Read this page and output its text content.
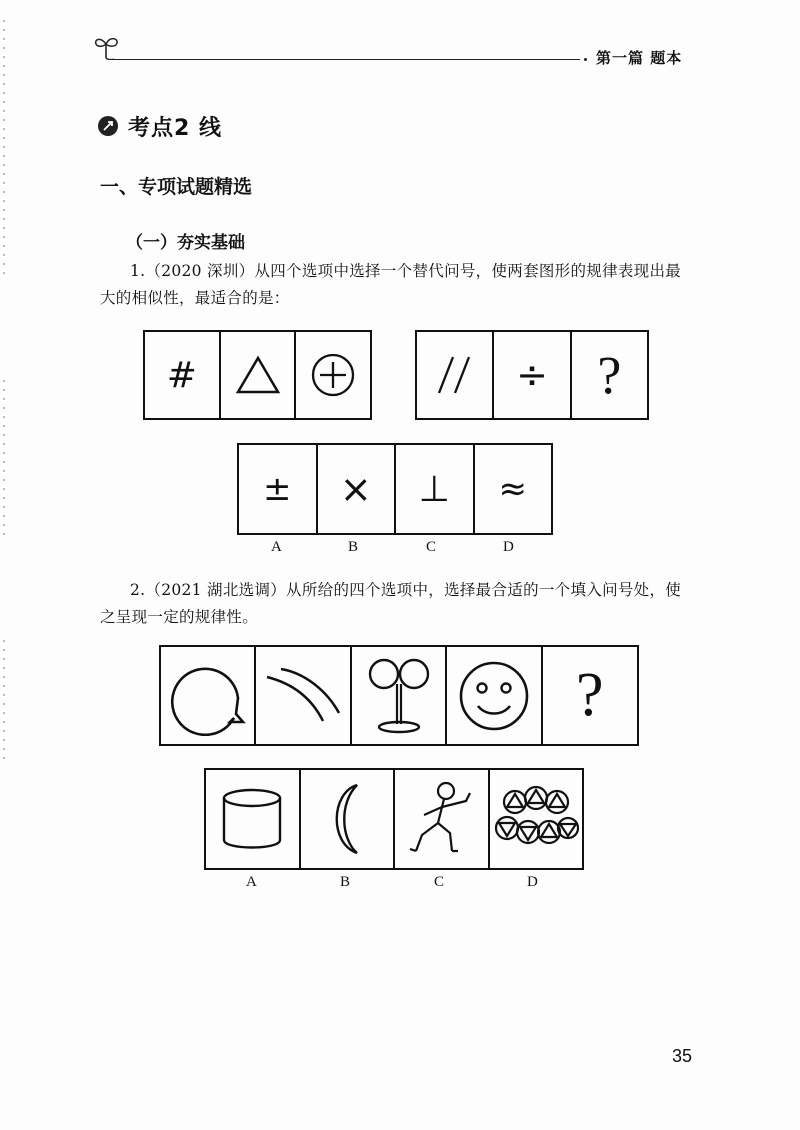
第一篇 题本
考点2 线
一、专项试题精选
（一）夯实基础
1.（2020 深圳）从四个选项中选择一个替代问号，使两套图形的规律表现出最大的相似性，最适合的是：
#	÷ ?
± × ⊥ ≈
A	B	C	D
2.（2021 湖北选调）从所给的四个选项中，选择最合适的一个填入问号处，使之呈现一定的规律性。
?
A	B	C	D
35
